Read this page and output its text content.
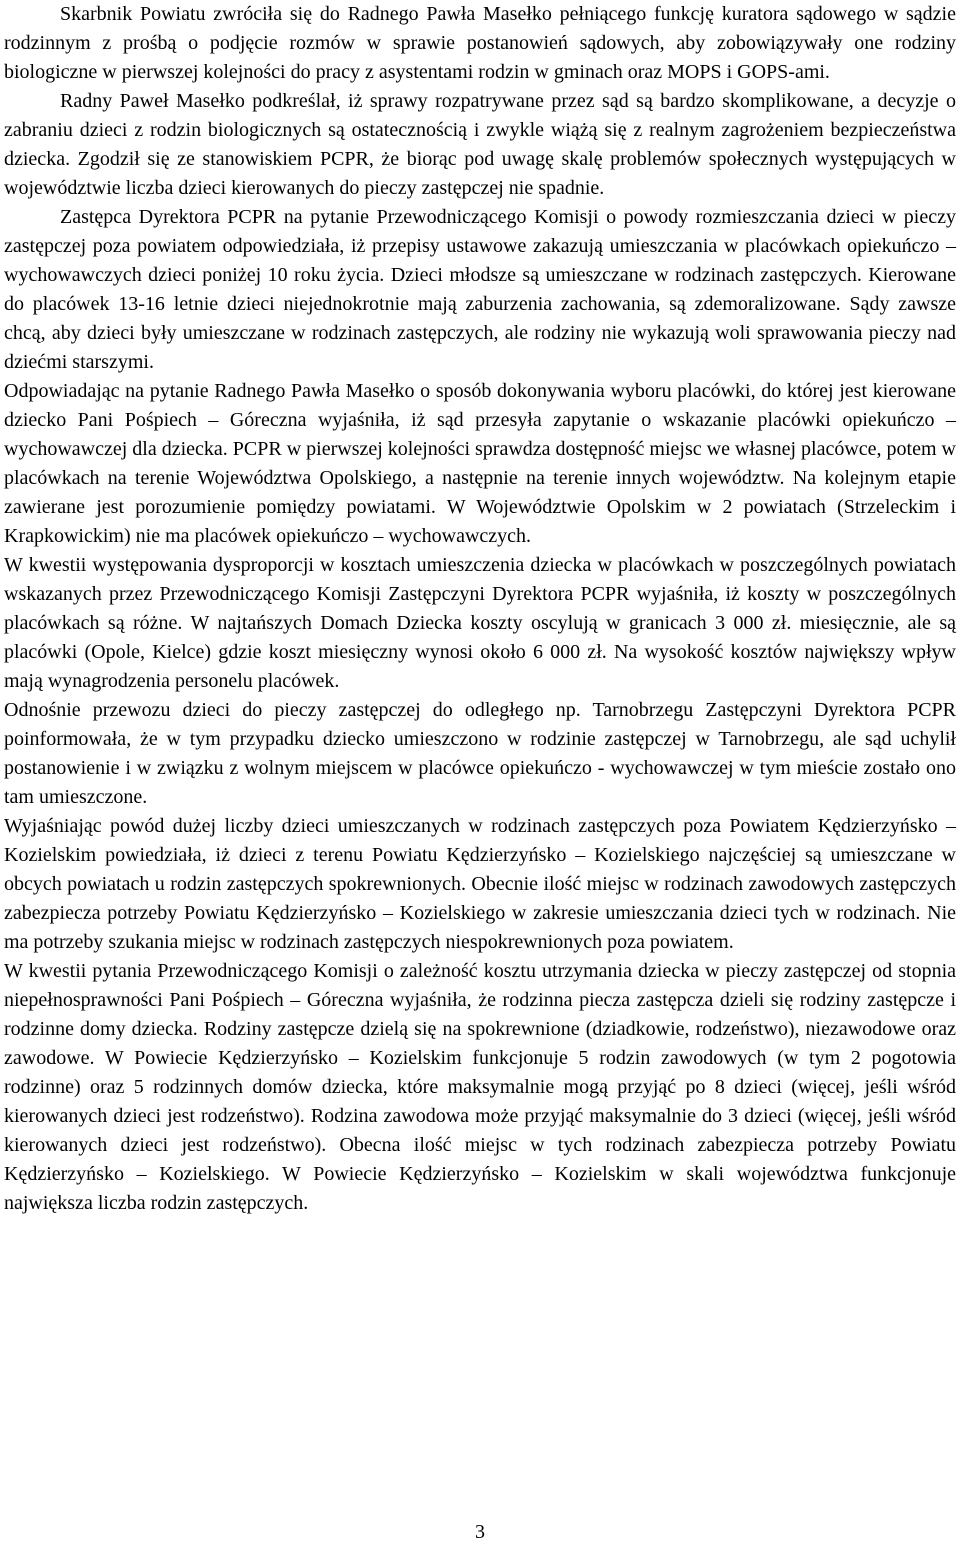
Skarbnik Powiatu zwróciła się do Radnego Pawła Masełko pełniącego funkcję kuratora sądowego w sądzie rodzinnym z prośbą o podjęcie rozmów w sprawie postanowień sądowych, aby zobowiązywały one rodziny biologiczne w pierwszej kolejności do pracy z asystentami rodzin w gminach oraz MOPS i GOPS-ami.

Radny Paweł Masełko podkreślał, iż sprawy rozpatrywane przez sąd są bardzo skomplikowane, a decyzje o zabraniu dzieci z rodzin biologicznych są ostatecznością i zwykle wiążą się z realnym zagrożeniem bezpieczeństwa dziecka. Zgodził się ze stanowiskiem PCPR, że biorąc pod uwagę skalę problemów społecznych występujących w województwie liczba dzieci kierowanych do pieczy zastępczej nie spadnie.

Zastępca Dyrektora PCPR na pytanie Przewodniczącego Komisji o powody rozmieszczania dzieci w pieczy zastępczej poza powiatem odpowiedziała, iż przepisy ustawowe zakazują umieszczania w placówkach opiekuńczo – wychowawczych dzieci poniżej 10 roku życia. Dzieci młodsze są umieszczane w rodzinach zastępczych. Kierowane do placówek 13-16 letnie dzieci niejednokrotnie mają zaburzenia zachowania, są zdemoralizowane. Sądy zawsze chcą, aby dzieci były umieszczane w rodzinach zastępczych, ale rodziny nie wykazują woli sprawowania pieczy nad dziećmi starszymi.

Odpowiadając na pytanie Radnego Pawła Masełko o sposób dokonywania wyboru placówki, do której jest kierowane dziecko Pani Pośpiech – Góreczna wyjaśniła, iż sąd przesyła zapytanie o wskazanie placówki opiekuńczo – wychowawczej dla dziecka. PCPR w pierwszej kolejności sprawdza dostępność miejsc we własnej placówce, potem w placówkach na terenie Województwa Opolskiego, a następnie na terenie innych województw. Na kolejnym etapie zawierane jest porozumienie pomiędzy powiatami. W Województwie Opolskim w 2 powiatach (Strzeleckim i Krapkowickim) nie ma placówek opiekuńczo – wychowawczych.

W kwestii występowania dysproporcji w kosztach umieszczenia dziecka w placówkach w poszczególnych powiatach wskazanych przez Przewodniczącego Komisji Zastępczyni Dyrektora PCPR wyjaśniła, iż koszty w poszczególnych placówkach są różne. W najtańszych Domach Dziecka koszty oscylują w granicach 3 000 zł. miesięcznie, ale są placówki (Opole, Kielce) gdzie koszt miesięczny wynosi około 6 000 zł. Na wysokość kosztów największy wpływ mają wynagrodzenia personelu placówek.

Odnośnie przewozu dzieci do pieczy zastępczej do odległego np. Tarnobrzegu Zastępczyni Dyrektora PCPR poinformowała, że w tym przypadku dziecko umieszczono w rodzinie zastępczej w Tarnobrzegu, ale sąd uchylił postanowienie i w związku z wolnym miejscem w placówce opiekuńczo - wychowawczej w tym mieście zostało ono tam umieszczone.

Wyjaśniając powód dużej liczby dzieci umieszczanych w rodzinach zastępczych poza Powiatem Kędzierzyńsko – Kozielskim powiedziała, iż dzieci z terenu Powiatu Kędzierzyńsko – Kozielskiego najczęściej są umieszczane w obcych powiatach u rodzin zastępczych spokrewnionych. Obecnie ilość miejsc w rodzinach zawodowych zastępczych zabezpiecza potrzeby Powiatu Kędzierzyńsko – Kozielskiego w zakresie umieszczania dzieci tych w rodzinach. Nie ma potrzeby szukania miejsc w rodzinach zastępczych niespokrewnionych poza powiatem.

W kwestii pytania Przewodniczącego Komisji o zależność kosztu utrzymania dziecka w pieczy zastępczej od stopnia niepełnosprawności Pani Pośpiech – Góreczna wyjaśniła, że rodzinna piecza zastępcza dzieli się rodziny zastępcze i rodzinne domy dziecka. Rodziny zastępcze dzielą się na spokrewnione (dziadkowie, rodzeństwo), niezawodowe oraz zawodowe. W Powiecie Kędzierzyńsko – Kozielskim funkcjonuje 5 rodzin zawodowych (w tym 2 pogotowia rodzinne) oraz 5 rodzinnych domów dziecka, które maksymalnie mogą przyjąć po 8 dzieci (więcej, jeśli wśród kierowanych dzieci jest rodzeństwo). Rodzina zawodowa może przyjąć maksymalnie do 3 dzieci (więcej, jeśli wśród kierowanych dzieci jest rodzeństwo). Obecna ilość miejsc w tych rodzinach zabezpiecza potrzeby Powiatu Kędzierzyńsko – Kozielskiego. W Powiecie Kędzierzyńsko – Kozielskim w skali województwa funkcjonuje największa liczba rodzin zastępczych.

3
